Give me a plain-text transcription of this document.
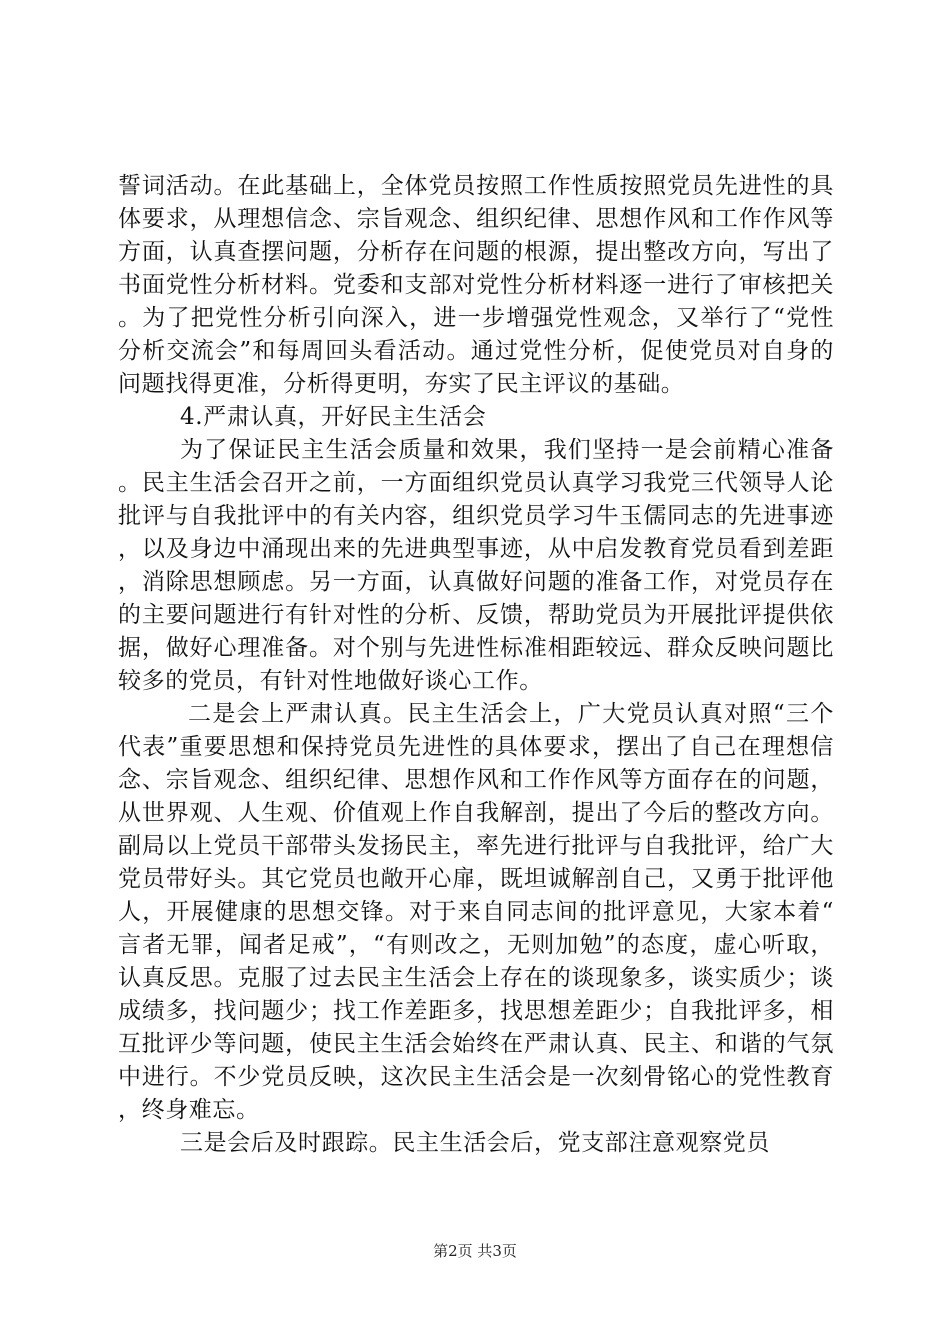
誓词活动。在此基础上，全体党员按照工作性质按照党员先进性的具体要求，从理想信念、宗旨观念、组织纪律、思想作风和工作作风等方面，认真查摆问题，分析存在问题的根源，提出整改方向，写出了书面党性分析材料。党委和支部对党性分析材料逐一进行了审核把关。为了把党性分析引向深入，进一步增强党性观念，又举行了“党性分析交流会”和每周回头看活动。通过党性分析，促使党员对自身的问题找得更准，分析得更明，夯实了民主评议的基础。

4.严肃认真，开好民主生活会

为了保证民主生活会质量和效果，我们坚持一是会前精心准备。民主生活会召开之前，一方面组织党员认真学习我党三代领导人论批评与自我批评中的有关内容，组织党员学习牛玉儒同志的先进事迹，以及身边中涌现出来的先进典型事迹，从中启发教育党员看到差距，消除思想顾虑。另一方面，认真做好问题的准备工作，对党员存在的主要问题进行有针对性的分析、反馈，帮助党员为开展批评提供依据，做好心理准备。对个别与先进性标准相距较远、群众反映问题比较多的党员，有针对性地做好谈心工作。

二是会上严肃认真。民主生活会上，广大党员认真对照“三个代表”重要思想和保持党员先进性的具体要求，摆出了自己在理想信念、宗旨观念、组织纪律、思想作风和工作作风等方面存在的问题，从世界观、人生观、价值观上作自我解剖，提出了今后的整改方向。副局以上党员干部带头发扬民主，率先进行批评与自我批评，给广大党员带好头。其它党员也敞开心扉，既坦诚解剖自己，又勇于批评他人，开展健康的思想交锋。对于来自同志间的批评意见，大家本着“言者无罪，闻者足戒”，“有则改之，无则加勉”的态度，虚心听取，认真反思。克服了过去民主生活会上存在的谈现象多，谈实质少；谈成绩多，找问题少；找工作差距多，找思想差距少；自我批评多，相互批评少等问题，使民主生活会始终在严肃认真、民主、和谐的气氛中进行。不少党员反映，这次民主生活会是一次刻骨铭心的党性教育，终身难忘。

三是会后及时跟踪。民主生活会后，党支部注意观察党员

第2页 共3页
